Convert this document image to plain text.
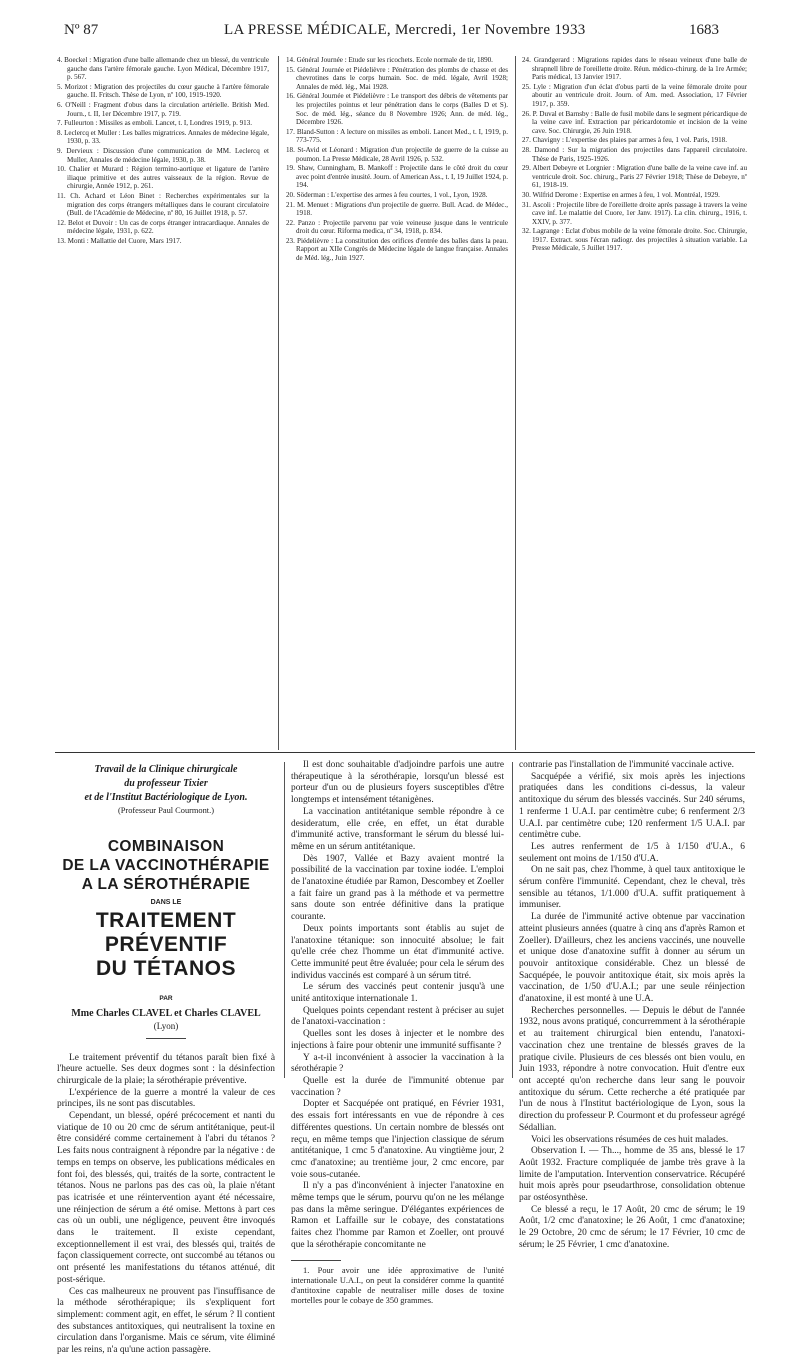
Nº 87	LA PRESSE MÉDICALE, Mercredi, 1er Novembre 1933	1683

4. Boeckel : Migration d'une balle allemande chez un blessé, du ventricule gauche dans l'artère fémorale gauche. Lyon Médical, Décembre 1917, p. 567.

5. Morizot : Migration des projectiles du cœur gauche à l'artère fémorale gauche. II. Fritsch. Thèse de Lyon, nº 100, 1919-1920.

6. O'Neill : Fragment d'obus dans la circulation artérielle. British Med. Journ., t. II, 1er Décembre 1917, p. 719.

7. Fulleurton : Missiles as emboli. Lancet, t. I, Londres 1919, p. 913.

8. Leclercq et Muller : Les balles migratrices. Annales de médecine légale, 1930, p. 33.

9. Dervieux : Discussion d'une communication de MM. Leclercq et Muller, Annales de médecine légale, 1930, p. 38.

10. Chalier et Murard : Région termino-aortique et ligature de l'artère iliaque primitive et des autres vaisseaux de la région. Revue de chirurgie, Année 1912, p. 261.

11. Ch. Achard et Léon Binet : Recherches expérimentales sur la migration des corps étrangers métalliques dans le courant circulatoire (Bull. de l'Académie de Médecine, nº 80, 16 Juillet 1918, p. 57.

12. Belot et Duvoir : Un cas de corps étranger intracardiaque. Annales de médecine légale, 1931, p. 622.

13. Monti : Mallattie del Cuore, Mars 1917.

14. Général Journée : Etude sur les ricochets. Ecole normale de tir, 1890.

15. Général Journée et Piédelièvre : Pénétration des plombs de chasse et des chevrotines dans le corps humain. Soc. de méd. légale, Avril 1928; Annales de méd. lég., Mai 1928.

16. Général Journée et Piédelièvre : Le transport des débris de vêtements par les projectiles pointus et leur pénétration dans le corps (Balles D et S). Soc. de méd. lég., séance du 8 Novembre 1926; Ann. de méd. lég., Décembre 1926.

17. Bland-Sutton : A lecture on missiles as emboli. Lancet Med., t. I, 1919, p. 773-775.

18. St-Avid et Léonard : Migration d'un projectile de guerre de la cuisse au poumon. La Presse Médicale, 28 Avril 1926, p. 532.

19. Shaw, Cunningham, B. Mankoff : Projectile dans le côté droit du cœur avec point d'entrée inusité. Journ. of American Ass., t. I, 19 Juillet 1924, p. 194.

20. Söderman : L'expertise des armes à feu courtes, 1 vol., Lyon, 1928.

21. M. Menuet : Migrations d'un projectile de guerre. Bull. Acad. de Médec., 1918.

22. Panzo : Projectile parvenu par voie veineuse jusque dans le ventricule droit du cœur. Riforma medica, nº 34, 1918, p. 834.

23. Piédelièvre : La constitution des orifices d'entrée des balles dans la peau. Rapport au XIIe Congrès de Médecine légale de langue française. Annales de Méd. lég., Juin 1927.

24. Grandgerard : Migrations rapides dans le réseau veineux d'une balle de shrapnell libre de l'oreillette droite. Réun. médico-chirurg. de la 1re Armée; Paris médical, 13 Janvier 1917.

25. Lyle : Migration d'un éclat d'obus parti de la veine fémorale droite pour aboutir au ventricule droit. Journ. of Am. med. Association, 17 Février 1917, p. 359.

26. P. Duval et Barnsby : Balle de fusil mobile dans le segment péricardique de la veine cave inf. Extraction par péricardotomie et incision de la veine cave. Soc. Chirurgie, 26 Juin 1918.

27. Chavigny : L'expertise des plaies par armes à feu, 1 vol. Paris, 1918.

28. Damond : Sur la migration des projectiles dans l'appareil circulatoire. Thèse de Paris, 1925-1926.

29. Albert Debeyre et Lorgnier : Migration d'une balle de la veine cave inf. au ventricule droit. Soc. chirurg., Paris 27 Février 1918; Thèse de Debeyre, nº 61, 1918-19.

30. Wilfrid Derome : Expertise en armes à feu, 1 vol. Montréal, 1929.

31. Ascoli : Projectile libre de l'oreillette droite après passage à travers la veine cave inf. Le malattie del Cuore, 1er Janv. 1917). La clin. chirurg., 1916, t. XXIV, p. 377.

32. Lagrange : Eclat d'obus mobile de la veine fémorale droite. Soc. Chirurgie, 1917. Extract. sous l'écran radiogr. des projectiles à situation variable. La Presse Médicale, 5 Juillet 1917.

Travail de la Clinique chirurgicale
du professeur Tixier
et de l'Institut Bactériologique de Lyon.
(Professeur Paul Courmont.)
COMBINAISON
DE LA VACCINOTHÉRAPIE
A LA SÉROTHÉRAPIE
DANS LE
TRAITEMENT PRÉVENTIF
DU TÉTANOS
PAR
Mme Charles CLAVEL et Charles CLAVEL
(Lyon)

Le traitement préventif du tétanos paraît bien fixé à l'heure actuelle. Ses deux dogmes sont : la désinfection chirurgicale de la plaie; la sérothérapie préventive.

L'expérience de la guerre a montré la valeur de ces principes, ils ne sont pas discutables.

Cependant, un blessé, opéré précocement et nanti du viatique de 10 ou 20 cmc de sérum antitétanique, peut-il être considéré comme certainement à l'abri du tétanos ? Les faits nous contraignent à répondre par la négative : de temps en temps on observe, les publications médicales en font foi, des blessés, qui, traités de la sorte, contractent le tétanos. Nous ne parlons pas des cas où, la plaie n'étant pas icatrisée et une réintervention ayant été nécessaire, une réinjection de sérum a été omise. Mettons à part ces cas où un oubli, une négligence, peuvent être invoqués dans le traitement. Il existe cependant, exceptionnellement il est vrai, des blessés qui, traités de façon classiquement correcte, ont succombé au tétanos ou ont présenté les manifestations du tétanos atténué, dit post-sérique.

Ces cas malheureux ne prouvent pas l'insuffisance de la méthode sérothérapique; ils s'expliquent fort simplement: comment agit, en effet, le sérum ? Il contient des substances antitoxiques, qui neutralisent la toxine en circulation dans l'organisme. Mais ce sérum, vite éliminé par les reins, n'a qu'une action passagère.

Il est donc souhaitable d'adjoindre parfois une autre thérapeutique à la sérothérapie, lorsqu'un blessé est porteur d'un ou de plusieurs foyers susceptibles d'être longtemps et intensément tétanigènes.

La vaccination antitétanique semble répondre à ce desideratum, elle crée, en effet, un état durable d'immunité active, transformant le sérum du blessé lui-même en un sérum antitétanique.

Dès 1907, Vallée et Bazy avaient montré la possibilité de la vaccination par toxine iodée. L'emploi de l'anatoxine étudiée par Ramon, Descombey et Zoeller a fait faire un grand pas à la méthode et va permettre sans doute son entrée définitive dans la pratique courante.

Deux points importants sont établis au sujet de l'anatoxine tétanique: son innocuité absolue; le fait qu'elle crée chez l'homme un état d'immunité active. Cette immunité peut être évaluée; pour cela le sérum des individus vaccinés est comparé à un sérum titré.

Le sérum des vaccinés peut contenir jusqu'à une unité antitoxique internationale 1.

Quelques points cependant restent à préciser au sujet de l'anatoxi-vaccination :

Quelles sont les doses à injecter et le nombre des injections à faire pour obtenir une immunité suffisante ?

Y a-t-il inconvénient à associer la vaccination à la sérothérapie ?

Quelle est la durée de l'immunité obtenue par vaccination ?

Dopter et Sacquépée ont pratiqué, en Février 1931, des essais fort intéressants en vue de répondre à ces différentes questions. Un certain nombre de blessés ont reçu, en même temps que l'injection classique de sérum antitétanique, 1 cmc 5 d'anatoxine. Au vingtième jour, 2 cmc d'anatoxine; au trentième jour, 2 cmc encore, par voie sous-cutanée.

Il n'y a pas d'inconvénient à injecter l'anatoxine en même temps que le sérum, pourvu qu'on ne les mélange pas dans la même seringue. D'élégantes expériences de Ramon et Laffaille sur le cobaye, des constatations faites chez l'homme par Ramon et Zoeller, ont prouvé que la sérothérapie concomitante ne

1. Pour avoir une idée approximative de l'unité internationale U.A.I., on peut la considérer comme la quantité d'antitoxine capable de neutraliser mille doses de toxine mortelles pour le cobaye de 350 grammes.

contrarie pas l'installation de l'immunité vaccinale active.

Sacquépée a vérifié, six mois après les injections pratiquées dans les conditions ci-dessus, la valeur antitoxique du sérum des blessés vaccinés. Sur 240 sérums, 1 renferme 1 U.A.I. par centimètre cube; 6 renferment 2/3 U.A.I. par centimètre cube; 120 renferment 1/5 U.A.I. par centimètre cube.

Les autres renferment de 1/5 à 1/150 d'U.A., 6 seulement ont moins de 1/150 d'U.A.

On ne sait pas, chez l'homme, à quel taux antitoxique le sérum confère l'immunité. Cependant, chez le cheval, très sensible au tétanos, 1/1.000 d'U.A. suffit pratiquement à immuniser.

La durée de l'immunité active obtenue par vaccination atteint plusieurs années (quatre à cinq ans d'après Ramon et Zoeller). D'ailleurs, chez les anciens vaccinés, une nouvelle et unique dose d'anatoxine suffit à donner au sérum un pouvoir antitoxique considérable. Chez un blessé de Sacquépée, le pouvoir antitoxique était, six mois après la vaccination, de 1/50 d'U.A.I.; par une seule réinjection d'anatoxine, il est monté à une U.A.

Recherches personnelles. — Depuis le début de l'année 1932, nous avons pratiqué, concurremment à la sérothérapie et au traitement chirurgical bien entendu, l'anatoxi-vaccination chez une trentaine de blessés graves de la pratique civile. Plusieurs de ces blessés ont bien voulu, en Juin 1933, répondre à notre convocation. Huit d'entre eux ont accepté qu'on recherche dans leur sang le pouvoir antitoxique du sérum. Cette recherche a été pratiquée par l'un de nous à l'Institut bactériologique de Lyon, sous la direction du professeur P. Courmont et du professeur agrégé Sédallian.

Voici les observations résumées de ces huit malades.

Observation I. — Th..., homme de 35 ans, blessé le 17 Août 1932. Fracture compliquée de jambe très grave à la limite de l'amputation. Intervention conservatrice. Récupéré huit mois après pour pseudarthrose, consolidation obtenue par ostéosynthèse.

Ce blessé a reçu, le 17 Août, 20 cmc de sérum; le 19 Août, 1/2 cmc d'anatoxine; le 26 Août, 1 cmc d'anatoxine; le 29 Octobre, 20 cmc de sérum; le 17 Février, 10 cmc de sérum; le 25 Février, 1 cmc d'anatoxine.
